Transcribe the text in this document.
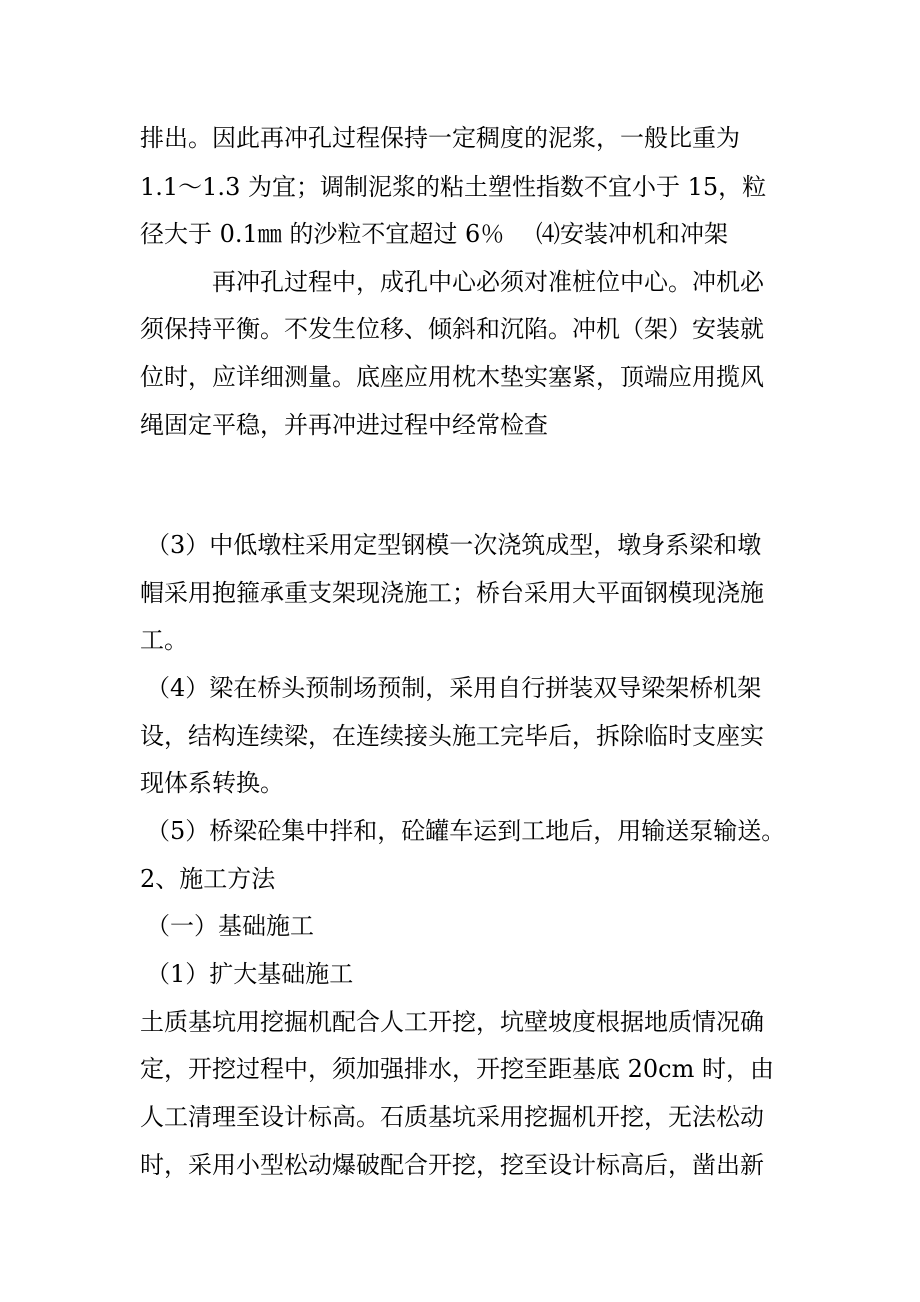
排出。因此再冲孔过程保持一定稠度的泥浆，一般比重为
1.1～1.3 为宜；调制泥浆的粘土塑性指数不宜小于 15，粒
径大于 0.1㎜ 的沙粒不宜超过 6％　 ⑷安装冲机和冲架
再冲孔过程中，成孔中心必须对准桩位中心。冲机必
须保持平衡。不发生位移、倾斜和沉陷。冲机（架）安装就
位时，应详细测量。底座应用枕木垫实塞紧，顶端应用揽风
绳固定平稳，并再冲进过程中经常检查
（3）中低墩柱采用定型钢模一次浇筑成型，墩身系梁和墩
帽采用抱箍承重支架现浇施工；桥台采用大平面钢模现浇施
工。
（4）梁在桥头预制场预制，采用自行拼装双导梁架桥机架
设，结构连续梁，在连续接头施工完毕后，拆除临时支座实
现体系转换。
（5）桥梁砼集中拌和，砼罐车运到工地后，用输送泵输送。
2、施工方法
（一）基础施工
（1）扩大基础施工
土质基坑用挖掘机配合人工开挖，坑壁坡度根据地质情况确
定，开挖过程中，须加强排水，开挖至距基底 20cm 时，由
人工清理至设计标高。石质基坑采用挖掘机开挖，无法松动
时，采用小型松动爆破配合开挖，挖至设计标高后，凿出新
